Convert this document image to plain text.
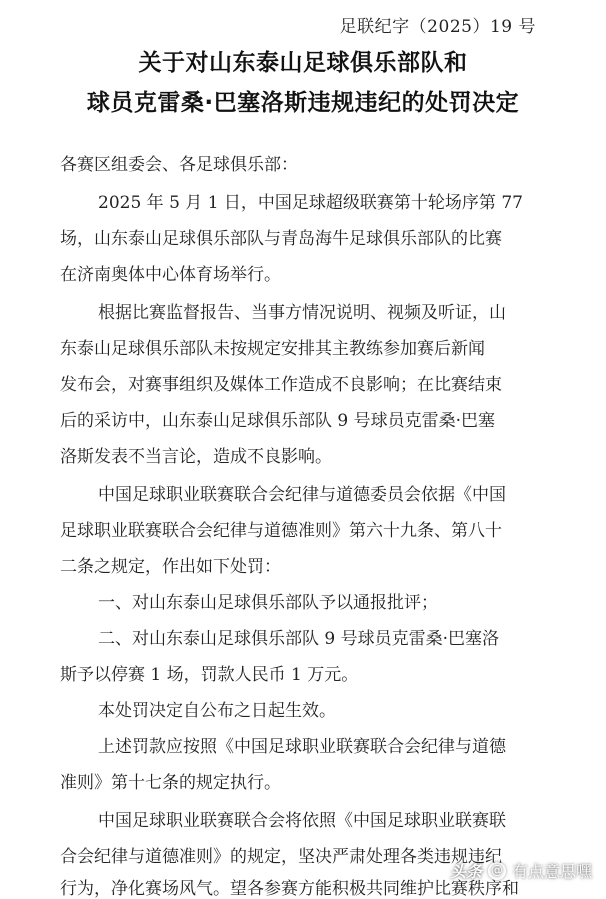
足联纪字（2025）19 号
关于对山东泰山足球俱乐部队和
球员克雷桑·巴塞洛斯违规违纪的处罚决定
各赛区组委会、各足球俱乐部：
2025 年 5 月 1 日，中国足球超级联赛第十轮场序第 77
场，山东泰山足球俱乐部队与青岛海牛足球俱乐部队的比赛
在济南奥体中心体育场举行。
根据比赛监督报告、当事方情况说明、视频及听证，山
东泰山足球俱乐部队未按规定安排其主教练参加赛后新闻
发布会，对赛事组织及媒体工作造成不良影响；在比赛结束
后的采访中，山东泰山足球俱乐部队 9 号球员克雷桑·巴塞
洛斯发表不当言论，造成不良影响。
中国足球职业联赛联合会纪律与道德委员会依据《中国
足球职业联赛联合会纪律与道德准则》第六十九条、第八十
二条之规定，作出如下处罚：
一、对山东泰山足球俱乐部队予以通报批评；
二、对山东泰山足球俱乐部队 9 号球员克雷桑·巴塞洛
斯予以停赛 1 场，罚款人民币 1 万元。
本处罚决定自公布之日起生效。
上述罚款应按照《中国足球职业联赛联合会纪律与道德
准则》第十七条的规定执行。
中国足球职业联赛联合会将依照《中国足球职业联赛联
合会纪律与道德准则》的规定，坚决严肃处理各类违规违纪
行为，净化赛场风气。望各参赛方能积极共同维护比赛秩序和
头条 @ 有点意思嘿
